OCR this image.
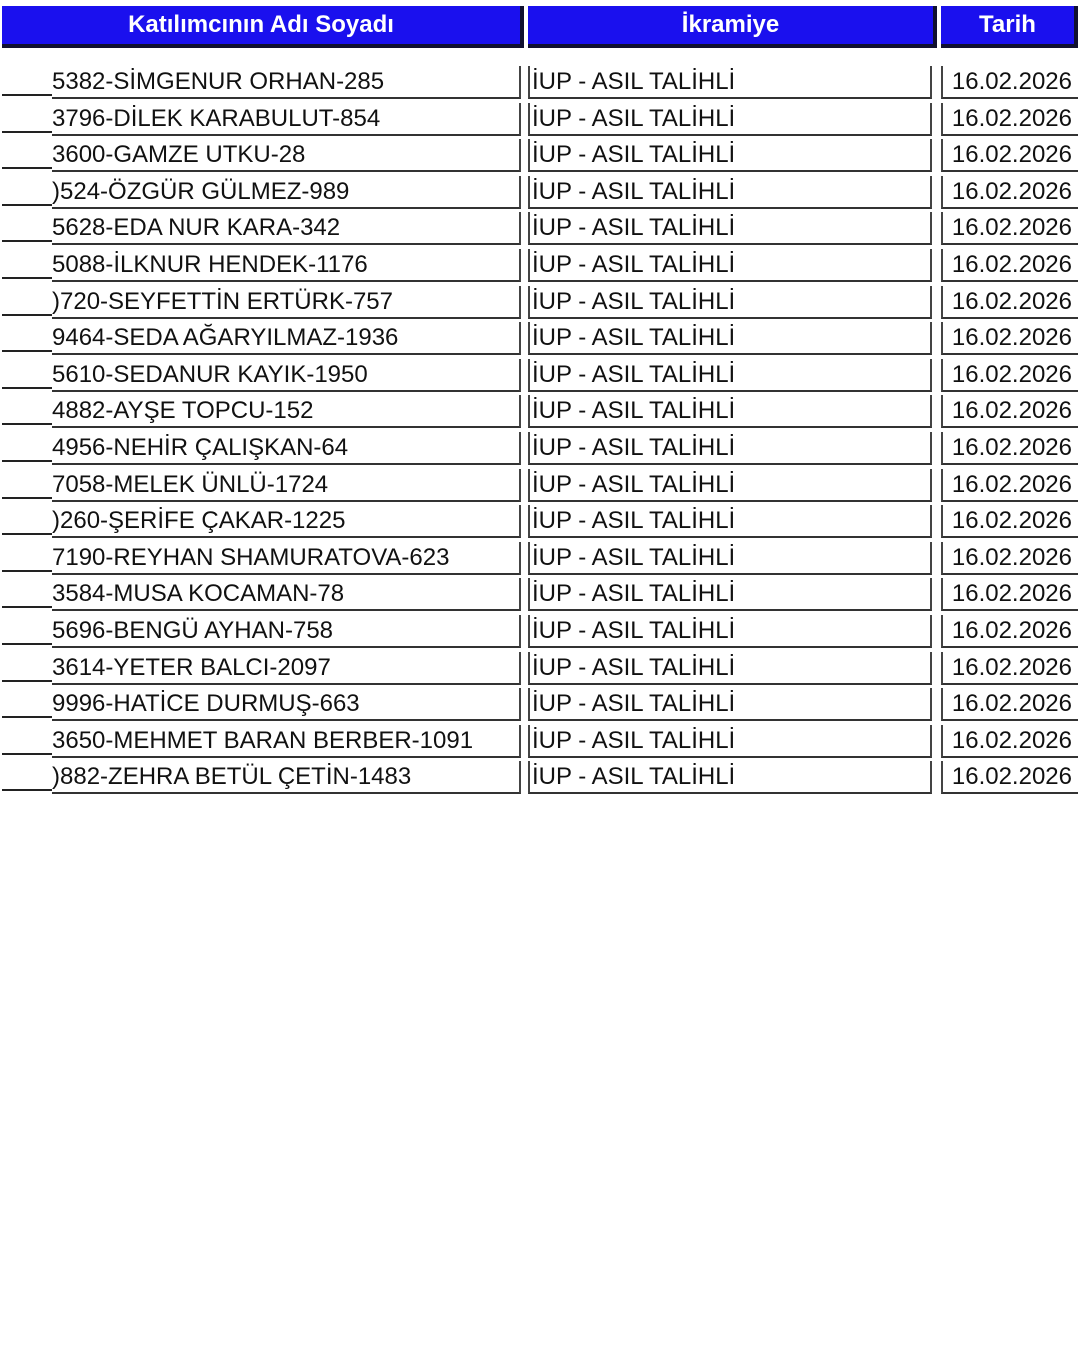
Katılımcının Adı Soyadı	İkramiye	Tarih
5382-SİMGENUR ORHAN-285	İUP - ASIL TALİHLİ	16.02.2026
3796-DİLEK KARABULUT-854	İUP - ASIL TALİHLİ	16.02.2026
3600-GAMZE UTKU-28	İUP - ASIL TALİHLİ	16.02.2026
)524-ÖZGÜR GÜLMEZ-989	İUP - ASIL TALİHLİ	16.02.2026
5628-EDA NUR KARA-342	İUP - ASIL TALİHLİ	16.02.2026
5088-İLKNUR HENDEK-1176	İUP - ASIL TALİHLİ	16.02.2026
)720-SEYFETTİN ERTÜRK-757	İUP - ASIL TALİHLİ	16.02.2026
9464-SEDA AĞARYILMAZ-1936	İUP - ASIL TALİHLİ	16.02.2026
5610-SEDANUR KAYIK-1950	İUP - ASIL TALİHLİ	16.02.2026
4882-AYŞE TOPCU-152	İUP - ASIL TALİHLİ	16.02.2026
4956-NEHİR ÇALIŞKAN-64	İUP - ASIL TALİHLİ	16.02.2026
7058-MELEK ÜNLÜ-1724	İUP - ASIL TALİHLİ	16.02.2026
)260-ŞERİFE ÇAKAR-1225	İUP - ASIL TALİHLİ	16.02.2026
7190-REYHAN SHAMURATOVA-623	İUP - ASIL TALİHLİ	16.02.2026
3584-MUSA KOCAMAN-78	İUP - ASIL TALİHLİ	16.02.2026
5696-BENGÜ AYHAN-758	İUP - ASIL TALİHLİ	16.02.2026
3614-YETER BALCI-2097	İUP - ASIL TALİHLİ	16.02.2026
9996-HATİCE DURMUŞ-663	İUP - ASIL TALİHLİ	16.02.2026
3650-MEHMET BARAN BERBER-1091	İUP - ASIL TALİHLİ	16.02.2026
)882-ZEHRA BETÜL ÇETİN-1483	İUP - ASIL TALİHLİ	16.02.2026
